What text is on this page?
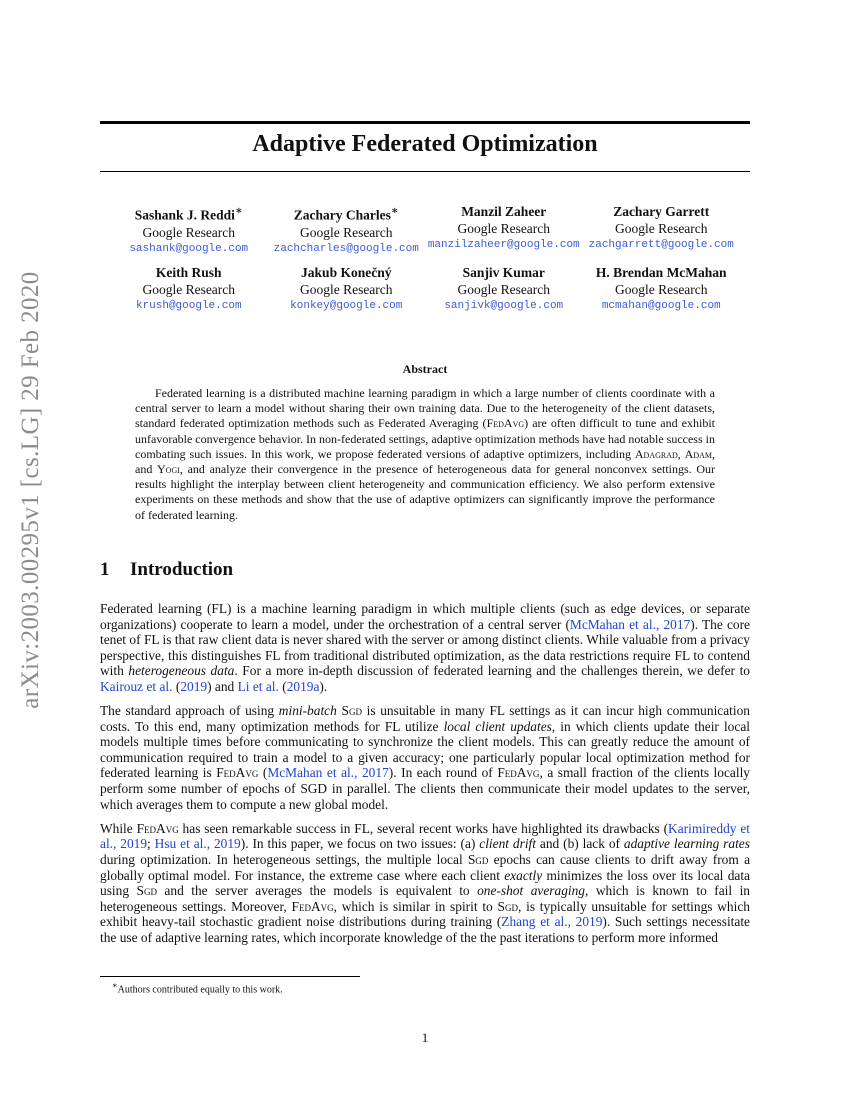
arXiv:2003.00295v1 [cs.LG] 29 Feb 2020
Adaptive Federated Optimization
Sashank J. Reddi∗
Google Research
sashank@google.com
Zachary Charles∗
Google Research
zachcharles@google.com
Manzil Zaheer
Google Research
manzilzaheer@google.com
Zachary Garrett
Google Research
zachgarrett@google.com
Keith Rush
Google Research
krush@google.com
Jakub Konečný
Google Research
konkey@google.com
Sanjiv Kumar
Google Research
sanjivk@google.com
H. Brendan McMahan
Google Research
mcmahan@google.com
Abstract
Federated learning is a distributed machine learning paradigm in which a large number of clients coordinate with a central server to learn a model without sharing their own training data. Due to the heterogeneity of the client datasets, standard federated optimization methods such as Federated Averaging (FedAvg) are often difficult to tune and exhibit unfavorable convergence behavior. In non-federated settings, adaptive optimization methods have had notable success in combating such issues. In this work, we propose federated versions of adaptive optimizers, including Adagrad, Adam, and Yogi, and analyze their convergence in the presence of heterogeneous data for general nonconvex settings. Our results highlight the interplay between client heterogeneity and communication efficiency. We also perform extensive experiments on these methods and show that the use of adaptive optimizers can significantly improve the performance of federated learning.
1 Introduction

Federated learning (FL) is a machine learning paradigm in which multiple clients (such as edge devices, or separate organizations) cooperate to learn a model, under the orchestration of a central server (McMahan et al., 2017). The core tenet of FL is that raw client data is never shared with the server or among distinct clients. While valuable from a privacy perspective, this distinguishes FL from traditional distributed optimization, as the data restrictions require FL to contend with heterogeneous data. For a more in-depth discussion of federated learning and the challenges therein, we defer to Kairouz et al. (2019) and Li et al. (2019a).

The standard approach of using mini-batch Sgd is unsuitable in many FL settings as it can incur high communication costs. To this end, many optimization methods for FL utilize local client updates, in which clients update their local models multiple times before communicating to synchronize the client models. This can greatly reduce the amount of communication required to train a model to a given accuracy; one particularly popular local optimization method for federated learning is FedAvg (McMahan et al., 2017). In each round of FedAvg, a small fraction of the clients locally perform some number of epochs of SGD in parallel. The clients then communicate their model updates to the server, which averages them to compute a new global model.

While FedAvg has seen remarkable success in FL, several recent works have highlighted its drawbacks (Karimireddy et al., 2019; Hsu et al., 2019). In this paper, we focus on two issues: (a) client drift and (b) lack of adaptive learning rates during optimization. In heterogeneous settings, the multiple local Sgd epochs can cause clients to drift away from a globally optimal model. For instance, the extreme case where each client exactly minimizes the loss over its local data using Sgd and the server averages the models is equivalent to one-shot averaging, which is known to fail in heterogeneous settings. Moreover, FedAvg, which is similar in spirit to Sgd, is typically unsuitable for settings which exhibit heavy-tail stochastic gradient noise distributions during training (Zhang et al., 2019). Such settings necessitate the use of adaptive learning rates, which incorporate knowledge of the the past iterations to perform more informed

∗Authors contributed equally to this work.
1
